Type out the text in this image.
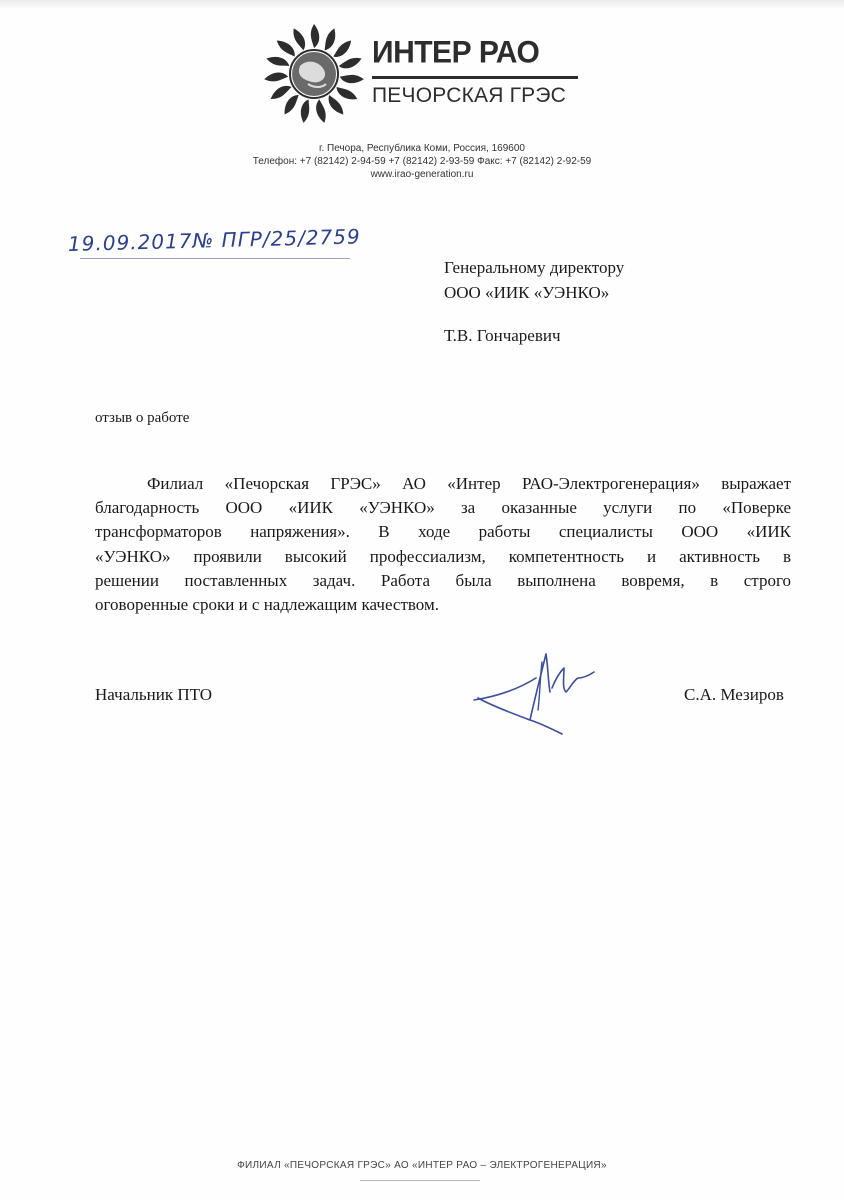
ИНТЕР РАО
ПЕЧОРСКАЯ ГРЭС
г. Печора, Республика Коми, Россия, 169600
Телефон: +7 (82142) 2-94-59 +7 (82142) 2-93-59 Факс: +7 (82142) 2-92-59
www.irao-generation.ru
19.09.2017№ ПГР/25/2759
Генеральному директору
ООО «ИИК «УЭНКО»
Т.В. Гончаревич
отзыв о работе
Филиал «Печорская ГРЭС» АО «Интер РАО-Электрогенерация» выражает
благодарность ООО «ИИК «УЭНКО» за оказанные услуги по «Поверке
трансформаторов напряжения». В ходе работы специалисты ООО «ИИК
«УЭНКО» проявили высокий профессиализм, компетентность и активность в
решении поставленных задач. Работа была выполнена вовремя, в строго
оговоренные сроки и с надлежащим качеством.
Начальник ПТО	С.А. Мезиров
ФИЛИАЛ «ПЕЧОРСКАЯ ГРЭС» АО «ИНТЕР РАО – ЭЛЕКТРОГЕНЕРАЦИЯ»
